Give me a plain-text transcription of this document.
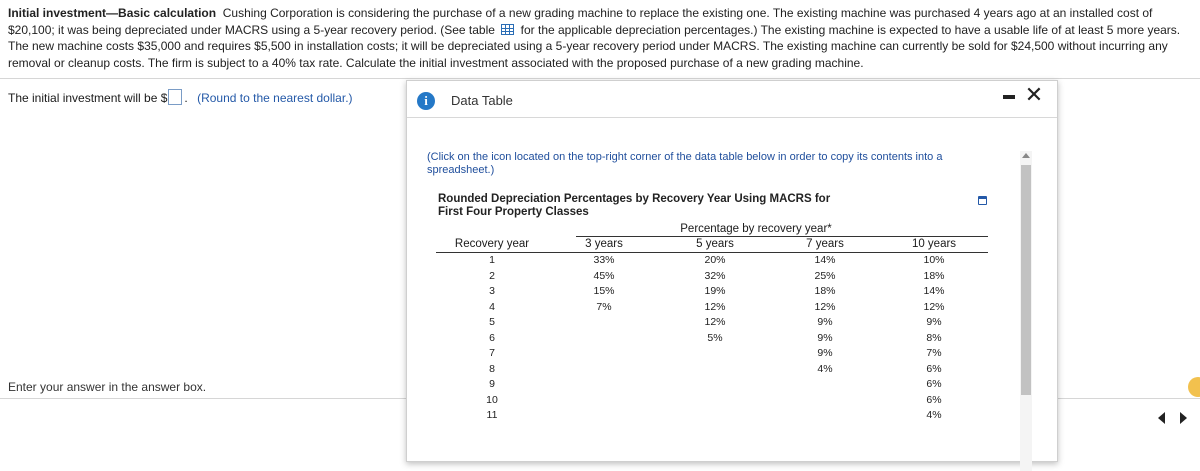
Initial investment—Basic calculation Cushing Corporation is considering the purchase of a new grading machine to replace the existing one. The existing machine was purchased 4 years ago at an installed cost of $20,100; it was being depreciated under MACRS using a 5-year recovery period. (See table for the applicable depreciation percentages.) The existing machine is expected to have a usable life of at least 5 more years. The new machine costs $35,000 and requires $5,500 in installation costs; it will be depreciated using a 5-year recovery period under MACRS. The existing machine can currently be sold for $24,500 without incurring any removal or cleanup costs. The firm is subject to a 40% tax rate. Calculate the initial investment associated with the proposed purchase of a new grading machine.
The initial investment will be $ . (Round to the nearest dollar.)
Enter your answer in the answer box.
i	Data Table	✕
(Click on the icon located on the top-right corner of the data table below in order to copy its contents into a spreadsheet.)
Rounded Depreciation Percentages by Recovery Year Using MACRS for First Four Property Classes
Percentage by recovery year*
Recovery year	3 years	5 years	7 years	10 years
1	33%	20%	14%	10%
2	45%	32%	25%	18%
3	15%	19%	18%	14%
4	7%	12%	12%	12%
5		12%	9%	9%
6		5%	9%	8%
7			9%	7%
8			4%	6%
9				6%
10				6%
11				4%
